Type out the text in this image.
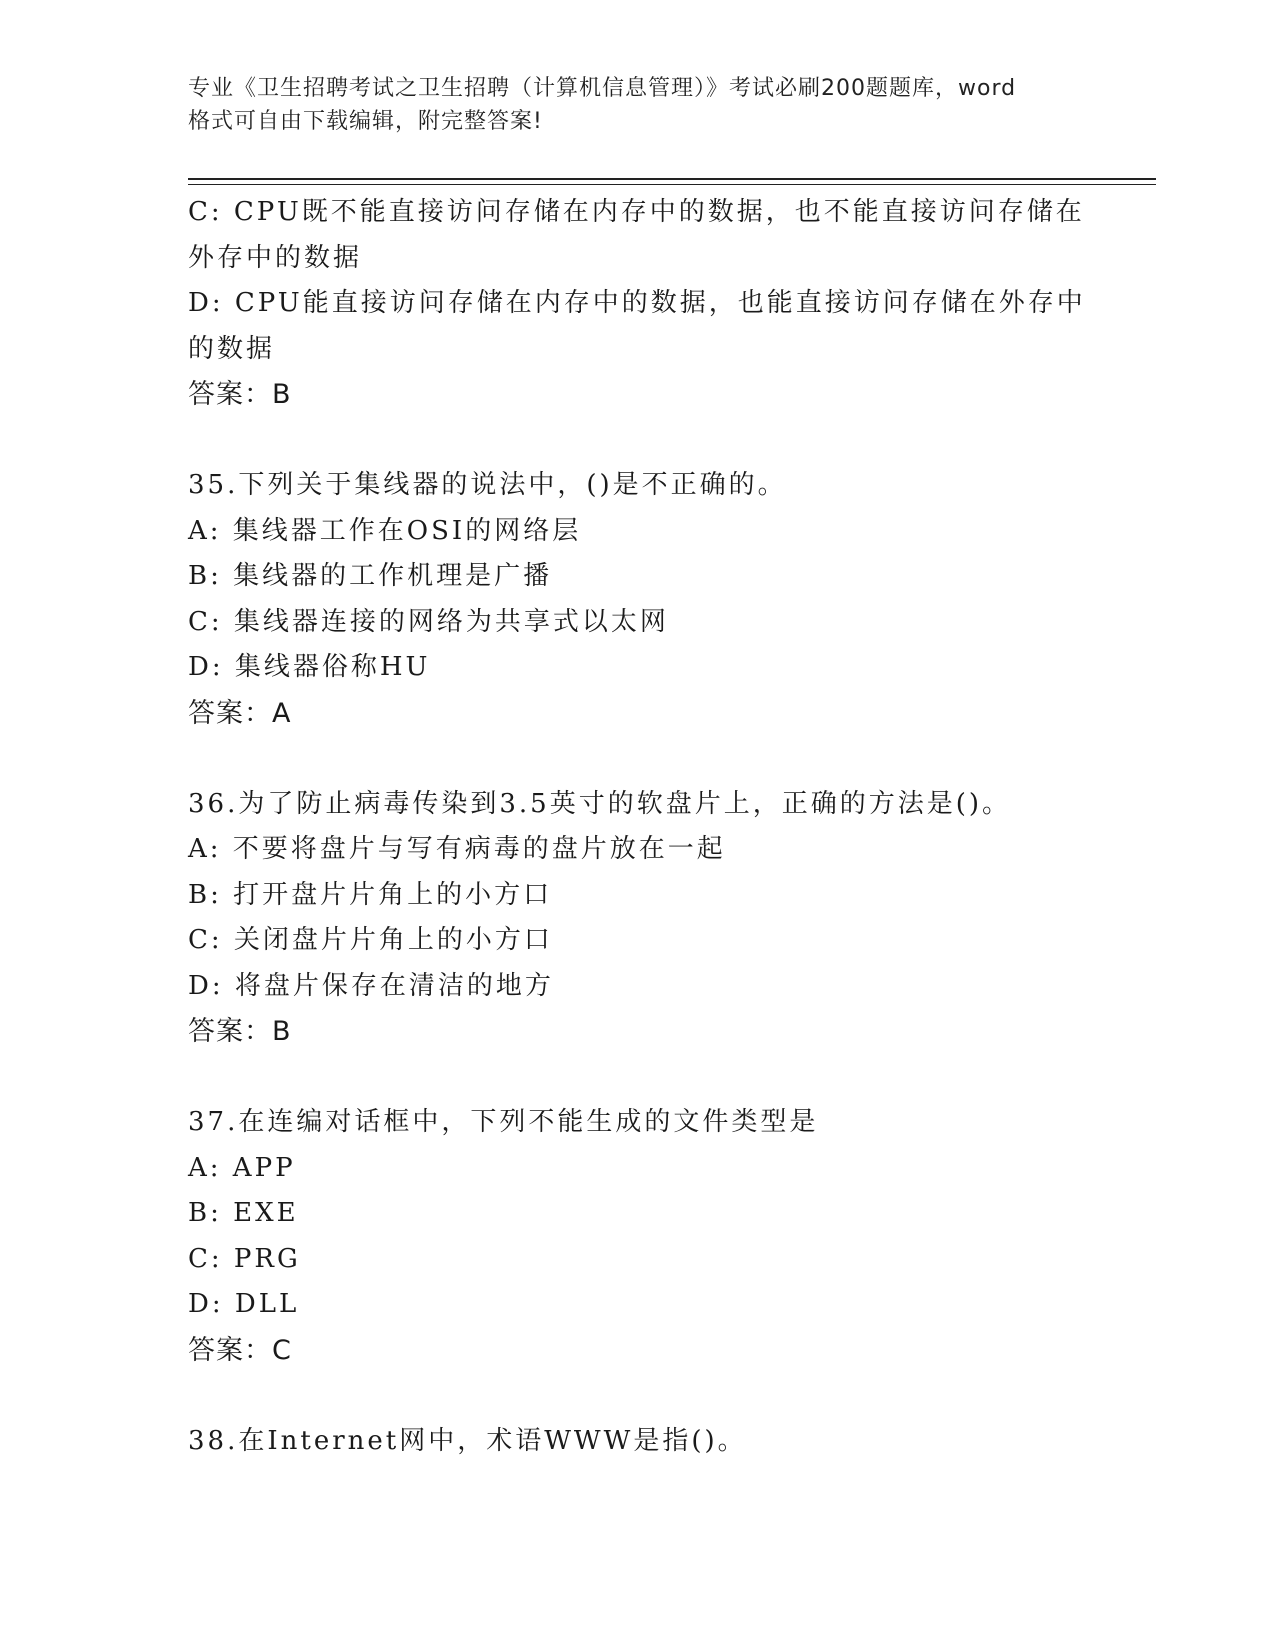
专业《卫生招聘考试之卫生招聘（计算机信息管理）》考试必刷200题题库，word
格式可自由下载编辑，附完整答案!
C: CPU既不能直接访问存储在内存中的数据，也不能直接访问存储在
外存中的数据
D: CPU能直接访问存储在内存中的数据，也能直接访问存储在外存中
的数据
答案：B
35.下列关于集线器的说法中，()是不正确的。
A: 集线器工作在OSI的网络层
B: 集线器的工作机理是广播
C: 集线器连接的网络为共享式以太网
D: 集线器俗称HU
答案：A
36.为了防止病毒传染到3.5英寸的软盘片上，正确的方法是()。
A: 不要将盘片与写有病毒的盘片放在一起
B: 打开盘片片角上的小方口
C: 关闭盘片片角上的小方口
D: 将盘片保存在清洁的地方
答案：B
37.在连编对话框中，下列不能生成的文件类型是
A: APP
B: EXE
C: PRG
D: DLL
答案：C
38.在Internet网中，术语WWW是指()。
